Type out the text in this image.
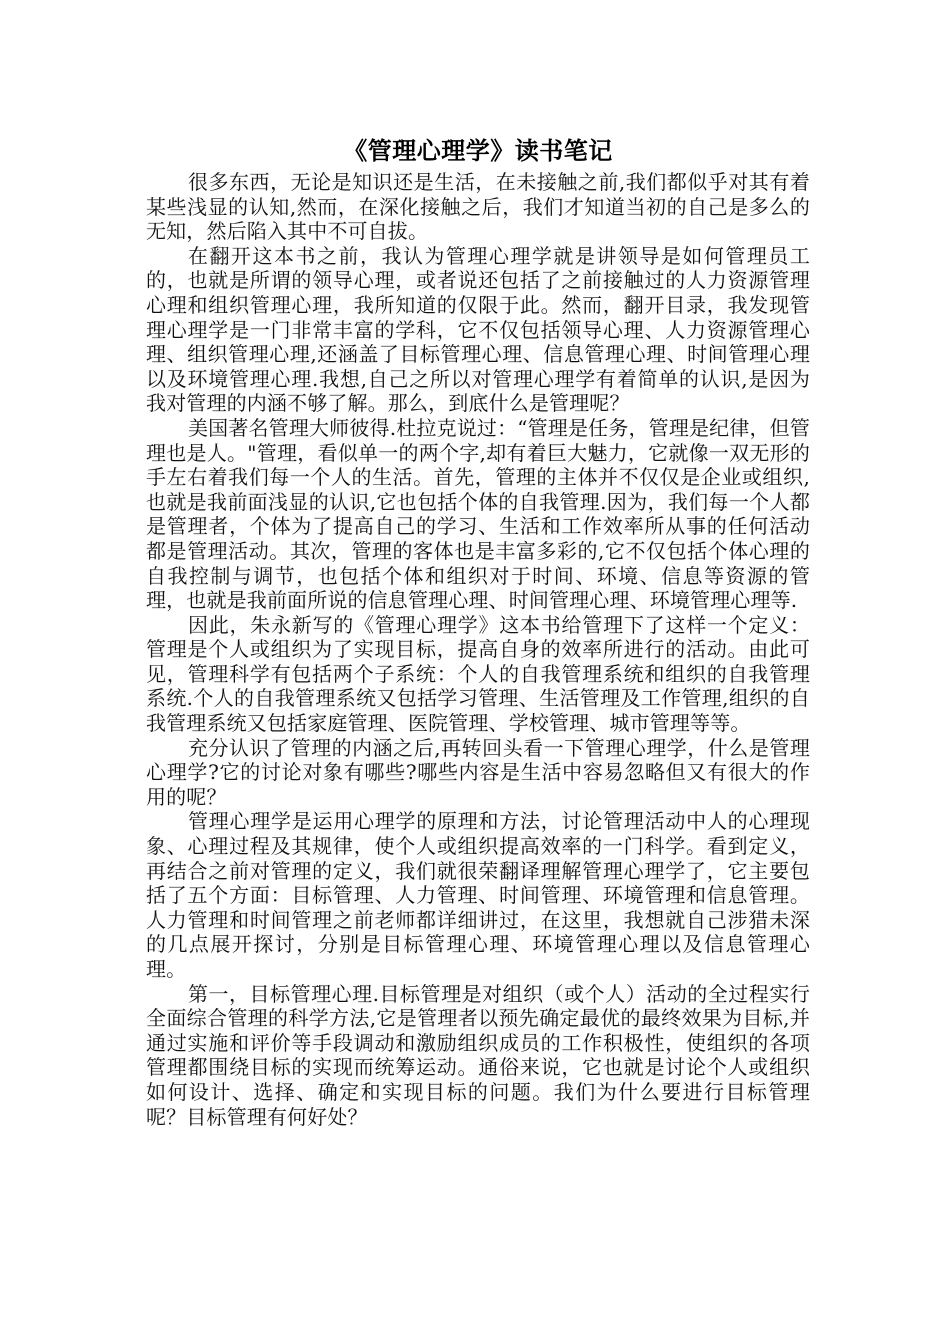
《管理心理学》读书笔记

很多东西，无论是知识还是生活，在未接触之前,我们都似乎对其有着某些浅显的认知,然而，在深化接触之后，我们才知道当初的自己是多么的无知，然后陷入其中不可自拔。

在翻开这本书之前，我认为管理心理学就是讲领导是如何管理员工的，也就是所谓的领导心理，或者说还包括了之前接触过的人力资源管理心理和组织管理心理，我所知道的仅限于此。然而，翻开目录，我发现管理心理学是一门非常丰富的学科，它不仅包括领导心理、人力资源管理心理、组织管理心理,还涵盖了目标管理心理、信息管理心理、时间管理心理以及环境管理心理.我想,自己之所以对管理心理学有着简单的认识,是因为我对管理的内涵不够了解。那么，到底什么是管理呢？

美国著名管理大师彼得.杜拉克说过：“管理是任务，管理是纪律，但管理也是人。"管理，看似单一的两个字,却有着巨大魅力，它就像一双无形的手左右着我们每一个人的生活。首先，管理的主体并不仅仅是企业或组织,也就是我前面浅显的认识,它也包括个体的自我管理.因为，我们每一个人都是管理者，个体为了提高自己的学习、生活和工作效率所从事的任何活动都是管理活动。其次，管理的客体也是丰富多彩的,它不仅包括个体心理的自我控制与调节，也包括个体和组织对于时间、环境、信息等资源的管理，也就是我前面所说的信息管理心理、时间管理心理、环境管理心理等.

因此，朱永新写的《管理心理学》这本书给管理下了这样一个定义：管理是个人或组织为了实现目标，提高自身的效率所进行的活动。由此可见，管理科学有包括两个子系统：个人的自我管理系统和组织的自我管理系统.个人的自我管理系统又包括学习管理、生活管理及工作管理,组织的自我管理系统又包括家庭管理、医院管理、学校管理、城市管理等等。

充分认识了管理的内涵之后,再转回头看一下管理心理学，什么是管理心理学?它的讨论对象有哪些?哪些内容是生活中容易忽略但又有很大的作用的呢？

管理心理学是运用心理学的原理和方法，讨论管理活动中人的心理现象、心理过程及其规律，使个人或组织提高效率的一门科学。看到定义，再结合之前对管理的定义，我们就很荣翻译理解管理心理学了，它主要包括了五个方面：目标管理、人力管理、时间管理、环境管理和信息管理。人力管理和时间管理之前老师都详细讲过，在这里，我想就自己涉猎未深的几点展开探讨，分别是目标管理心理、环境管理心理以及信息管理心理。

第一，目标管理心理.目标管理是对组织（或个人）活动的全过程实行全面综合管理的科学方法,它是管理者以预先确定最优的最终效果为目标,并通过实施和评价等手段调动和激励组织成员的工作积极性，使组织的各项管理都围绕目标的实现而统筹运动。通俗来说，它也就是讨论个人或组织如何设计、选择、确定和实现目标的问题。我们为什么要进行目标管理呢？目标管理有何好处？
